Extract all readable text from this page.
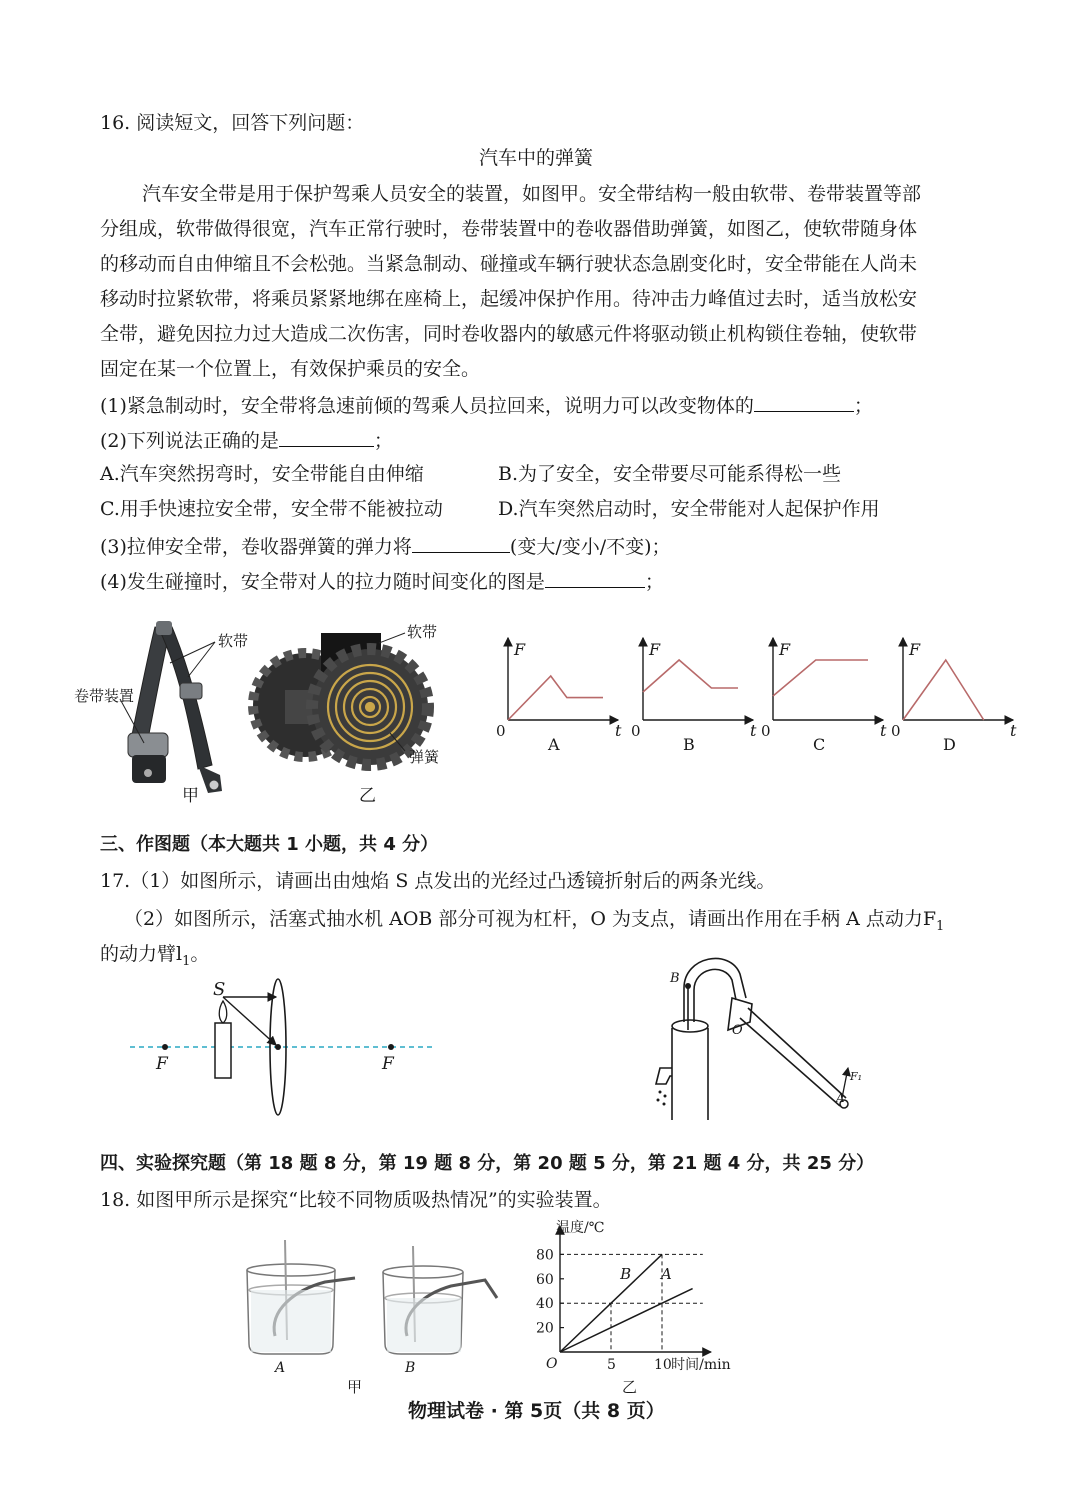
16. 阅读短文，回答下列问题：
汽车中的弹簧
汽车安全带是用于保护驾乘人员安全的装置，如图甲。安全带结构一般由软带、卷带装置等部
分组成，软带做得很宽，汽车正常行驶时，卷带装置中的卷收器借助弹簧，如图乙，使软带随身体
的移动而自由伸缩且不会松弛。当紧急制动、碰撞或车辆行驶状态急剧变化时，安全带能在人尚未
移动时拉紧软带，将乘员紧紧地绑在座椅上，起缓冲保护作用。待冲击力峰值过去时，适当放松安
全带，避免因拉力过大造成二次伤害，同时卷收器内的敏感元件将驱动锁止机构锁住卷轴，使软带
固定在某一个位置上，有效保护乘员的安全。
(1)紧急制动时，安全带将急速前倾的驾乘人员拉回来，说明力可以改变物体的	；
(2)下列说法正确的是	；
A.汽车突然拐弯时，安全带能自由伸缩	B.为了安全，安全带要尽可能系得松一些
C.用手快速拉安全带，安全带不能被拉动	D.汽车突然启动时，安全带能对人起保护作用
(3)拉伸安全带，卷收器弹簧的弹力将	(变大/变小/不变)；
(4)发生碰撞时，安全带对人的拉力随时间变化的图是	；
软带
卷带装置
甲
软带
弹簧
乙
F
t
0
A
F
t
0
B
F
t
0
C
F
t
0
D
三、作图题（本大题共 1 小题，共 4 分）
17.（1）如图所示，请画出由烛焰 S 点发出的光经过凸透镜折射后的两条光线。
（2）如图所示，活塞式抽水机 AOB 部分可视为杠杆，O 为支点，请画出作用在手柄 A 点动力$F_1$
的动力臂$l_1$。
S
F	F
B
O
A
F₁
四、实验探究题（第 18 题 8 分，第 19 题 8 分，第 20 题 5 分，第 21 题 4 分，共 25 分）
18. 如图甲所示是探究“比较不同物质吸热情况”的实验装置。
A	B
甲	乙
20
40
60
80
5	10
B A
温度/℃
时间/min
O
物理试卷 · 第 5页（共 8 页）
